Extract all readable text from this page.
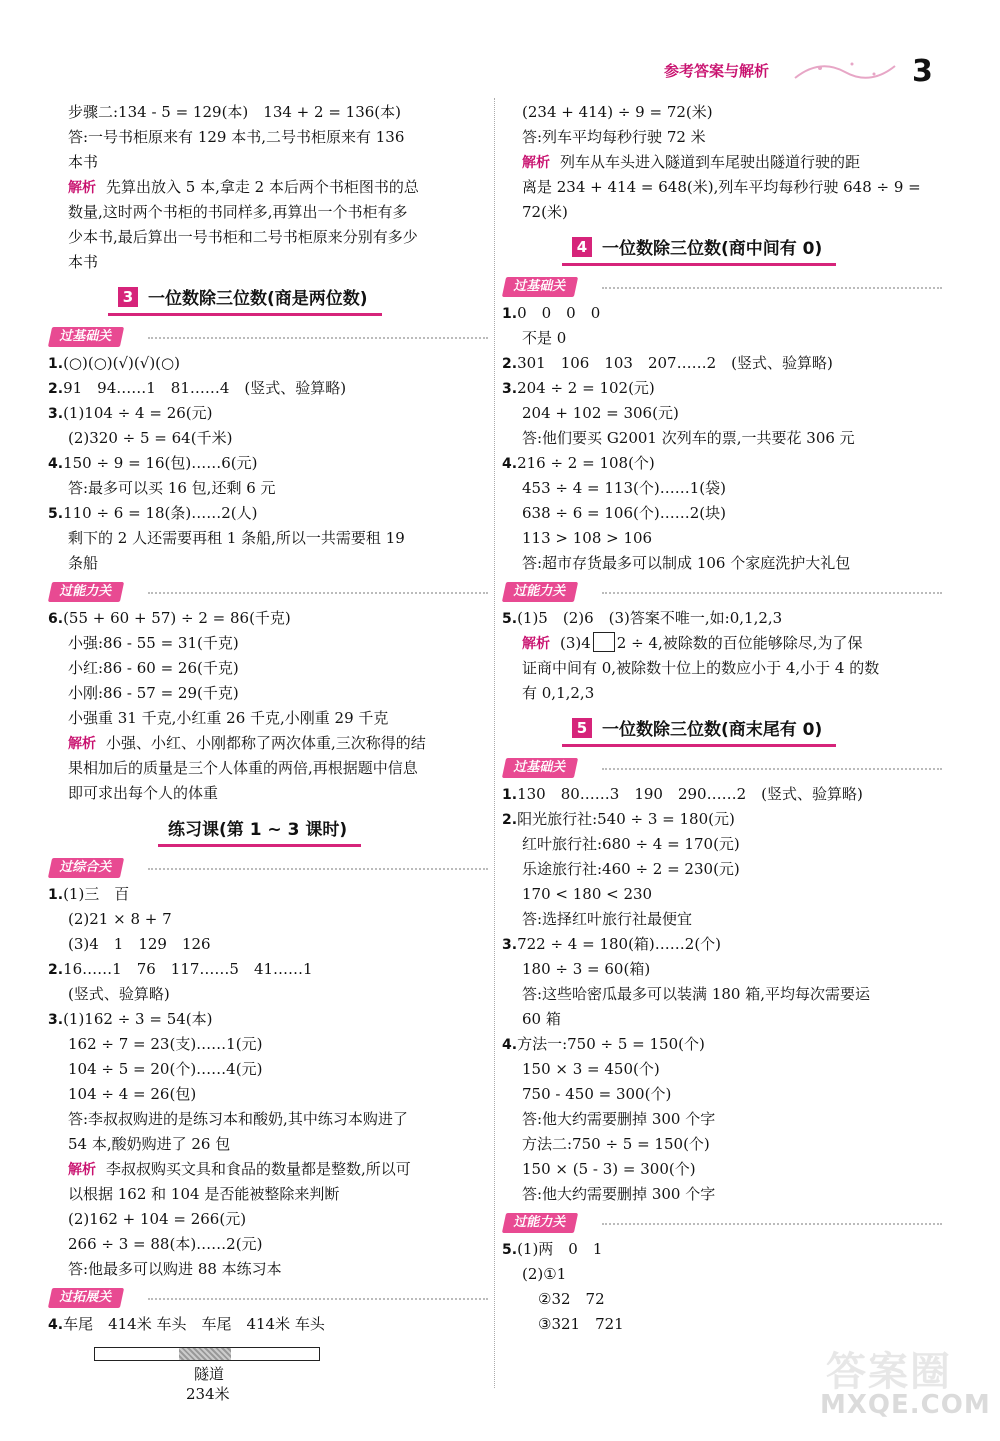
参考答案与解析	3
步骤二:134 - 5 = 129(本)　134 + 2 = 136(本)
答:一号书柜原来有 129 本书,二号书柜原来有 136
本书
解析 先算出放入 5 本,拿走 2 本后两个书柜图书的总
数量,这时两个书柜的书同样多,再算出一个书柜有多
少本书,最后算出一号书柜和二号书柜原来分别有多少
本书
3 一位数除三位数(商是两位数)
过基础关
1.(○)(○)(√)(√)(○)
2.91　94……1　81……4　(竖式、验算略)
3.(1)104 ÷ 4 = 26(元)
(2)320 ÷ 5 = 64(千米)
4.150 ÷ 9 = 16(包)……6(元)
答:最多可以买 16 包,还剩 6 元
5.110 ÷ 6 = 18(条)……2(人)
剩下的 2 人还需要再租 1 条船,所以一共需要租 19
条船
过能力关
6.(55 + 60 + 57) ÷ 2 = 86(千克)
小强:86 - 55 = 31(千克)
小红:86 - 60 = 26(千克)
小刚:86 - 57 = 29(千克)
小强重 31 千克,小红重 26 千克,小刚重 29 千克
解析 小强、小红、小刚都称了两次体重,三次称得的结
果相加后的质量是三个人体重的两倍,再根据题中信息
即可求出每个人的体重
练习课(第 1 ~ 3 课时)
过综合关
1.(1)三　百
(2)21 × 8 + 7
(3)4　1　129　126
2.16……1　76　117……5　41……1
(竖式、验算略)
3.(1)162 ÷ 3 = 54(本)
162 ÷ 7 = 23(支)……1(元)
104 ÷ 5 = 20(个)……4(元)
104 ÷ 4 = 26(包)
答:李叔叔购进的是练习本和酸奶,其中练习本购进了
54 本,酸奶购进了 26 包
解析 李叔叔购买文具和食品的数量都是整数,所以可
以根据 162 和 104 是否能被整除来判断
(2)162 + 104 = 266(元)
266 ÷ 3 = 88(本)……2(元)
答:他最多可以购进 88 本练习本
过拓展关
4.车尾　414米 车头　车尾　414米 车头
隧道
234米
(234 + 414) ÷ 9 = 72(米)
答:列车平均每秒行驶 72 米
解析 列车从车头进入隧道到车尾驶出隧道行驶的距
离是 234 + 414 = 648(米),列车平均每秒行驶 648 ÷ 9 =
72(米)
4 一位数除三位数(商中间有 0)
过基础关
1.0　0　0　0
不是 0
2.301　106　103　207……2　(竖式、验算略)
3.204 ÷ 2 = 102(元)
204 + 102 = 306(元)
答:他们要买 G2001 次列车的票,一共要花 306 元
4.216 ÷ 2 = 108(个)
453 ÷ 4 = 113(个)……1(袋)
638 ÷ 6 = 106(个)……2(块)
113 > 108 > 106
答:超市存货最多可以制成 106 个家庭洗护大礼包
过能力关
5.(1)5　(2)6　(3)答案不唯一,如:0,1,2,3
解析 (3)4 2 ÷ 4,被除数的百位能够除尽,为了保
证商中间有 0,被除数十位上的数应小于 4,小于 4 的数
有 0,1,2,3
5 一位数除三位数(商末尾有 0)
过基础关
1.130　80……3　190　290……2　(竖式、验算略)
2.阳光旅行社:540 ÷ 3 = 180(元)
红叶旅行社:680 ÷ 4 = 170(元)
乐途旅行社:460 ÷ 2 = 230(元)
170 < 180 < 230
答:选择红叶旅行社最便宜
3.722 ÷ 4 = 180(箱)……2(个)
180 ÷ 3 = 60(箱)
答:这些哈密瓜最多可以装满 180 箱,平均每次需要运
60 箱
4.方法一:750 ÷ 5 = 150(个)
150 × 3 = 450(个)
750 - 450 = 300(个)
答:他大约需要删掉 300 个字
方法二:750 ÷ 5 = 150(个)
150 × (5 - 3) = 300(个)
答:他大约需要删掉 300 个字
过能力关
5.(1)两　0　1
(2)①1
②32　72
③321　721
答案圈
MXQE.COM
